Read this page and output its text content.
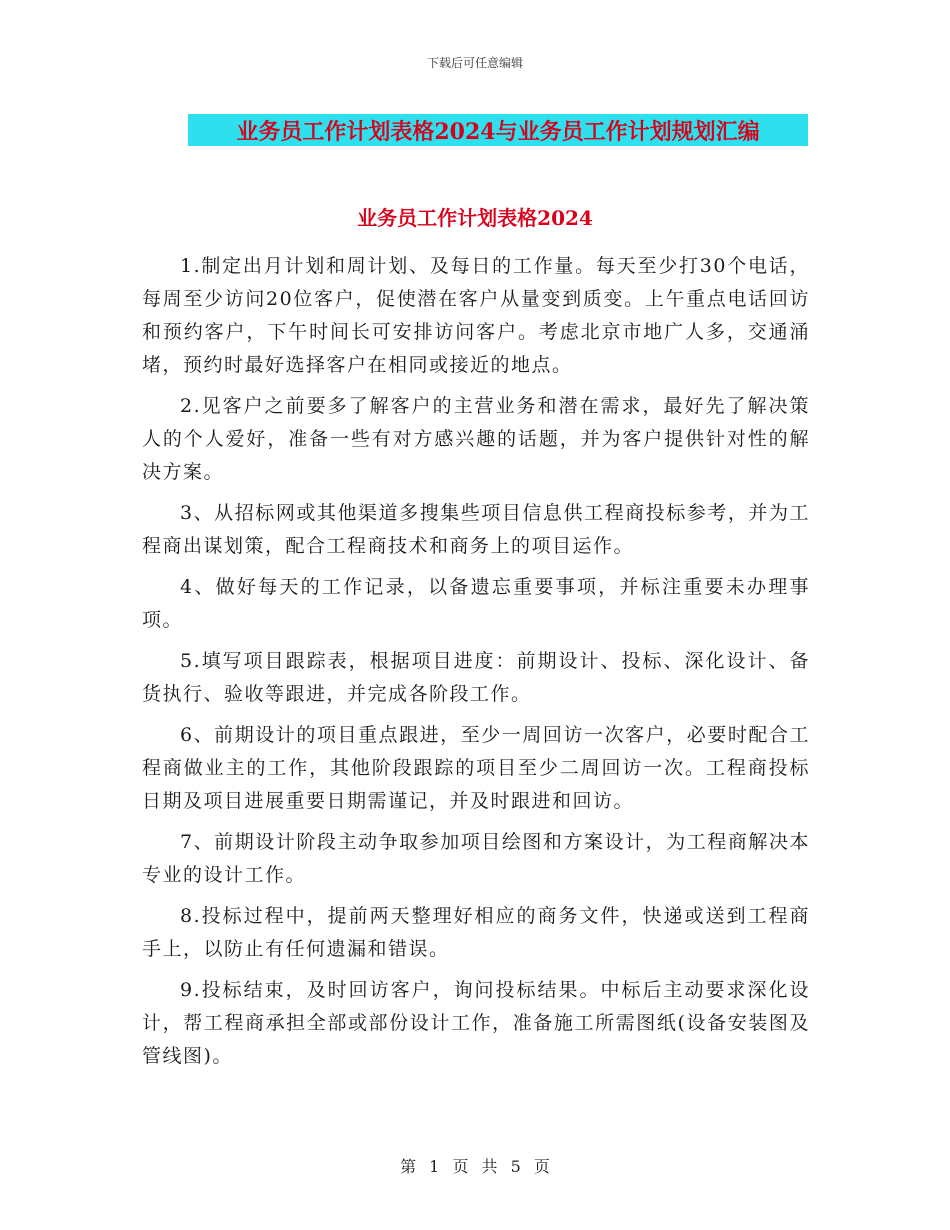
下载后可任意编辑
业务员工作计划表格2024与业务员工作计划规划汇编
业务员工作计划表格2024

1.制定出月计划和周计划、及每日的工作量。每天至少打30个电话，每周至少访问20位客户，促使潜在客户从量变到质变。上午重点电话回访和预约客户，下午时间长可安排访问客户。考虑北京市地广人多，交通涌堵，预约时最好选择客户在相同或接近的地点。

2.见客户之前要多了解客户的主营业务和潜在需求，最好先了解决策人的个人爱好，准备一些有对方感兴趣的话题，并为客户提供针对性的解决方案。

3、从招标网或其他渠道多搜集些项目信息供工程商投标参考，并为工程商出谋划策，配合工程商技术和商务上的项目运作。

4、做好每天的工作记录，以备遗忘重要事项，并标注重要未办理事项。

5.填写项目跟踪表，根据项目进度：前期设计、投标、深化设计、备货执行、验收等跟进，并完成各阶段工作。

6、前期设计的项目重点跟进，至少一周回访一次客户，必要时配合工程商做业主的工作，其他阶段跟踪的项目至少二周回访一次。工程商投标日期及项目进展重要日期需谨记，并及时跟进和回访。

7、前期设计阶段主动争取参加项目绘图和方案设计，为工程商解决本专业的设计工作。

8.投标过程中，提前两天整理好相应的商务文件，快递或送到工程商手上，以防止有任何遗漏和错误。

9.投标结束，及时回访客户，询问投标结果。中标后主动要求深化设计，帮工程商承担全部或部份设计工作，准备施工所需图纸(设备安装图及管线图)。

第 1 页 共 5 页
